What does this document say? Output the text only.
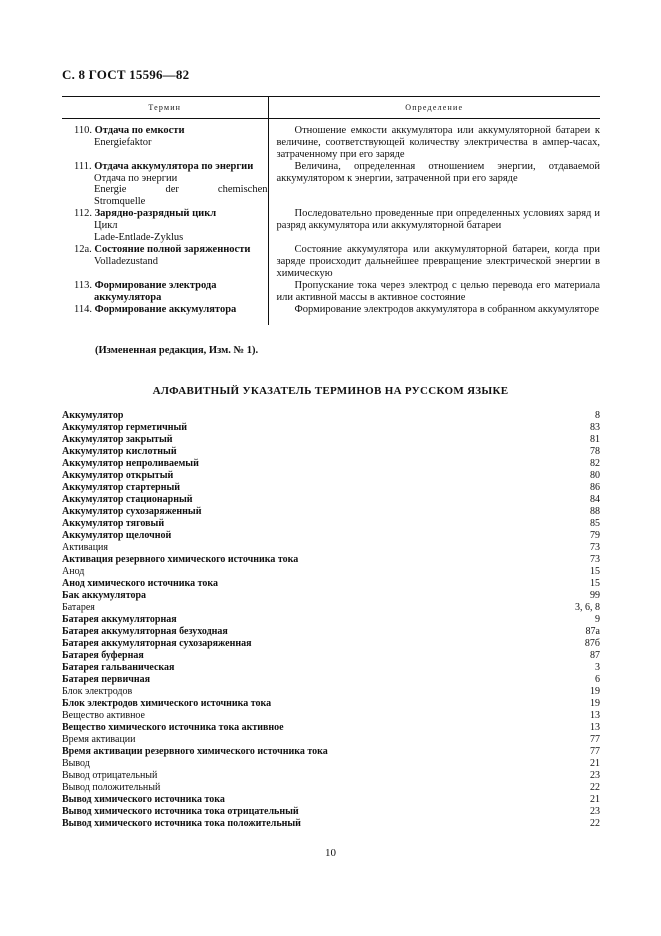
С. 8 ГОСТ 15596—82
Термин	Определение

110. Отдача по емкости
Energiefaktor	Отношение емкости аккумулятора или аккумуляторной батареи к величине, соответствующей количеству электричества в ампер-часах, затраченному при его заряде

111. Отдача аккумулятора по энергии
Отдача по энергии
Energie der chemischen
Stromquelle	Величина, определенная отношением энергии, отдаваемой аккумулятором к энергии, затраченной при его заряде

112. Зарядно-разрядный цикл
Цикл
Lade-Entlade-Zyklus	Последовательно проведенные при определенных условиях заряд и разряд аккумулятора или аккумуляторной батареи

12а. Состояние полной заряженности
Volladezustand	Состояние аккумулятора или аккумуляторной батареи, когда при заряде происходит дальнейшее превращение электрической энергии в химическую

113. Формирование электрода аккумулятора	Пропускание тока через электрод с целью перевода его материала или активной массы в активное состояние

114. Формирование аккумулятора	Формирование электродов аккумулятора в собранном аккумуляторе
(Измененная редакция, Изм. № 1).
АЛФАВИТНЫЙ УКАЗАТЕЛЬ ТЕРМИНОВ НА РУССКОМ ЯЗЫКЕ
Аккумулятор	8
Аккумулятор герметичный	83
Аккумулятор закрытый	81
Аккумулятор кислотный	78
Аккумулятор непроливаемый	82
Аккумулятор открытый	80
Аккумулятор стартерный	86
Аккумулятор стационарный	84
Аккумулятор сухозаряженный	88
Аккумулятор тяговый	85
Аккумулятор щелочной	79
Активация	73
Активация резервного химического источника тока	73
Анод	15
Анод химического источника тока	15
Бак аккумулятора	99
Батарея	3, 6, 8
Батарея аккумуляторная	9
Батарея аккумуляторная безуходная	87а
Батарея аккумуляторная сухозаряженная	87б
Батарея буферная	87
Батарея гальваническая	3
Батарея первичная	6
Блок электродов	19
Блок электродов химического источника тока	19
Вещество активное	13
Вещество химического источника тока активное	13
Время активации	77
Время активации резервного химического источника тока	77
Вывод	21
Вывод отрицательный	23
Вывод положительный	22
Вывод химического источника тока	21
Вывод химического источника тока отрицательный	23
Вывод химического источника тока положительный	22
10
